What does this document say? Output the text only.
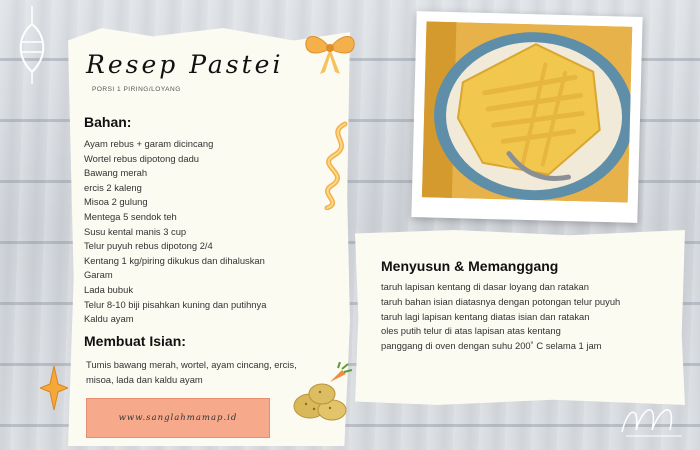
Resep Pastei
PORSI 1 PIRING/LOYANG
Bahan:
Ayam rebus + garam dicincang
Wortel rebus dipotong dadu
Bawang merah
ercis 2 kaleng
Misoa 2 gulung
Mentega 5 sendok teh
Susu kental manis 3 cup
Telur puyuh rebus dipotong 2/4
Kentang 1 kg/piring dikukus dan dihaluskan
Garam
Lada bubuk
Telur 8-10 biji pisahkan kuning dan putihnya
Kaldu ayam
Membuat Isian:
Tumis bawang merah, wortel, ayam cincang, ercis, misoa, lada dan kaldu ayam
www.sanglahmamap.id
Menyusun & Memanggang
taruh lapisan kentang di dasar loyang dan ratakan
taruh bahan isian diatasnya dengan potongan telur puyuh
taruh lagi lapisan kentang diatas isian dan ratakan
oles putih telur di atas lapisan atas kentang
panggang di oven dengan suhu 200˚ C selama 1 jam
